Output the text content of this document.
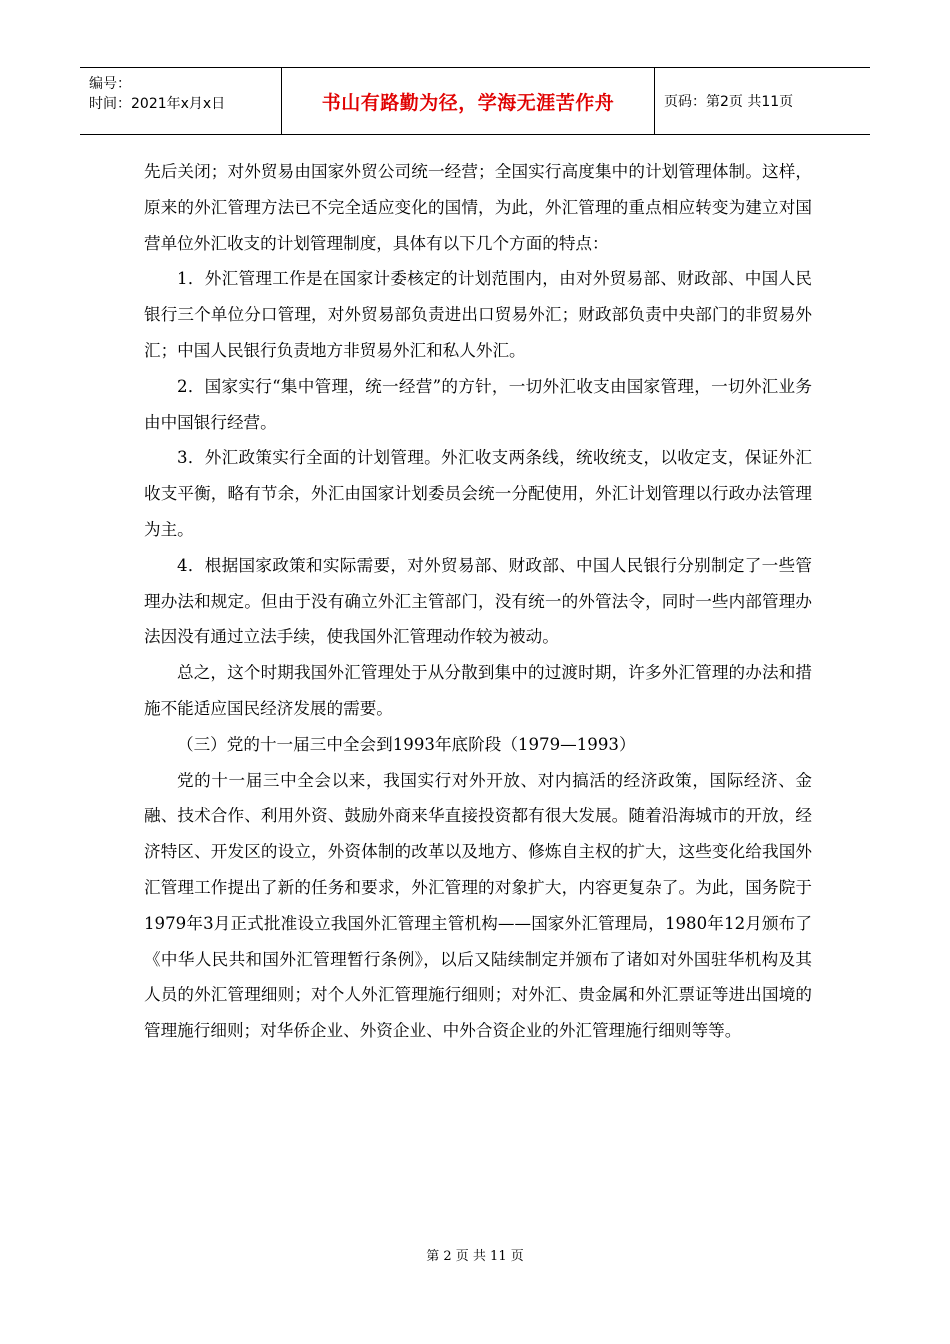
编号：
时间：2021年x月x日	书山有路勤为径，学海无涯苦作舟	页码：第2页 共11页

先后关闭；对外贸易由国家外贸公司统一经营；全国实行高度集中的计划管理体制。这样，原来的外汇管理方法已不完全适应变化的国情，为此，外汇管理的重点相应转变为建立对国营单位外汇收支的计划管理制度，具体有以下几个方面的特点：

1．外汇管理工作是在国家计委核定的计划范围内，由对外贸易部、财政部、中国人民银行三个单位分口管理，对外贸易部负责进出口贸易外汇；财政部负责中央部门的非贸易外汇；中国人民银行负责地方非贸易外汇和私人外汇。

2．国家实行“集中管理，统一经营”的方针，一切外汇收支由国家管理，一切外汇业务由中国银行经营。

3．外汇政策实行全面的计划管理。外汇收支两条线，统收统支，以收定支，保证外汇收支平衡，略有节余，外汇由国家计划委员会统一分配使用，外汇计划管理以行政办法管理为主。

4．根据国家政策和实际需要，对外贸易部、财政部、中国人民银行分别制定了一些管理办法和规定。但由于没有确立外汇主管部门，没有统一的外管法令，同时一些内部管理办法因没有通过立法手续，使我国外汇管理动作较为被动。

总之，这个时期我国外汇管理处于从分散到集中的过渡时期，许多外汇管理的办法和措施不能适应国民经济发展的需要。

（三）党的十一届三中全会到1993年底阶段（1979—1993）

党的十一届三中全会以来，我国实行对外开放、对内搞活的经济政策，国际经济、金融、技术合作、利用外资、鼓励外商来华直接投资都有很大发展。随着沿海城市的开放，经济特区、开发区的设立，外资体制的改革以及地方、修炼自主权的扩大，这些变化给我国外汇管理工作提出了新的任务和要求，外汇管理的对象扩大，内容更复杂了。为此，国务院于1979年3月正式批准设立我国外汇管理主管机构——国家外汇管理局，1980年12月颁布了《中华人民共和国外汇管理暂行条例》，以后又陆续制定并颁布了诸如对外国驻华机构及其人员的外汇管理细则；对个人外汇管理施行细则；对外汇、贵金属和外汇票证等进出国境的管理施行细则；对华侨企业、外资企业、中外合资企业的外汇管理施行细则等等。

第 2 页 共 11 页
